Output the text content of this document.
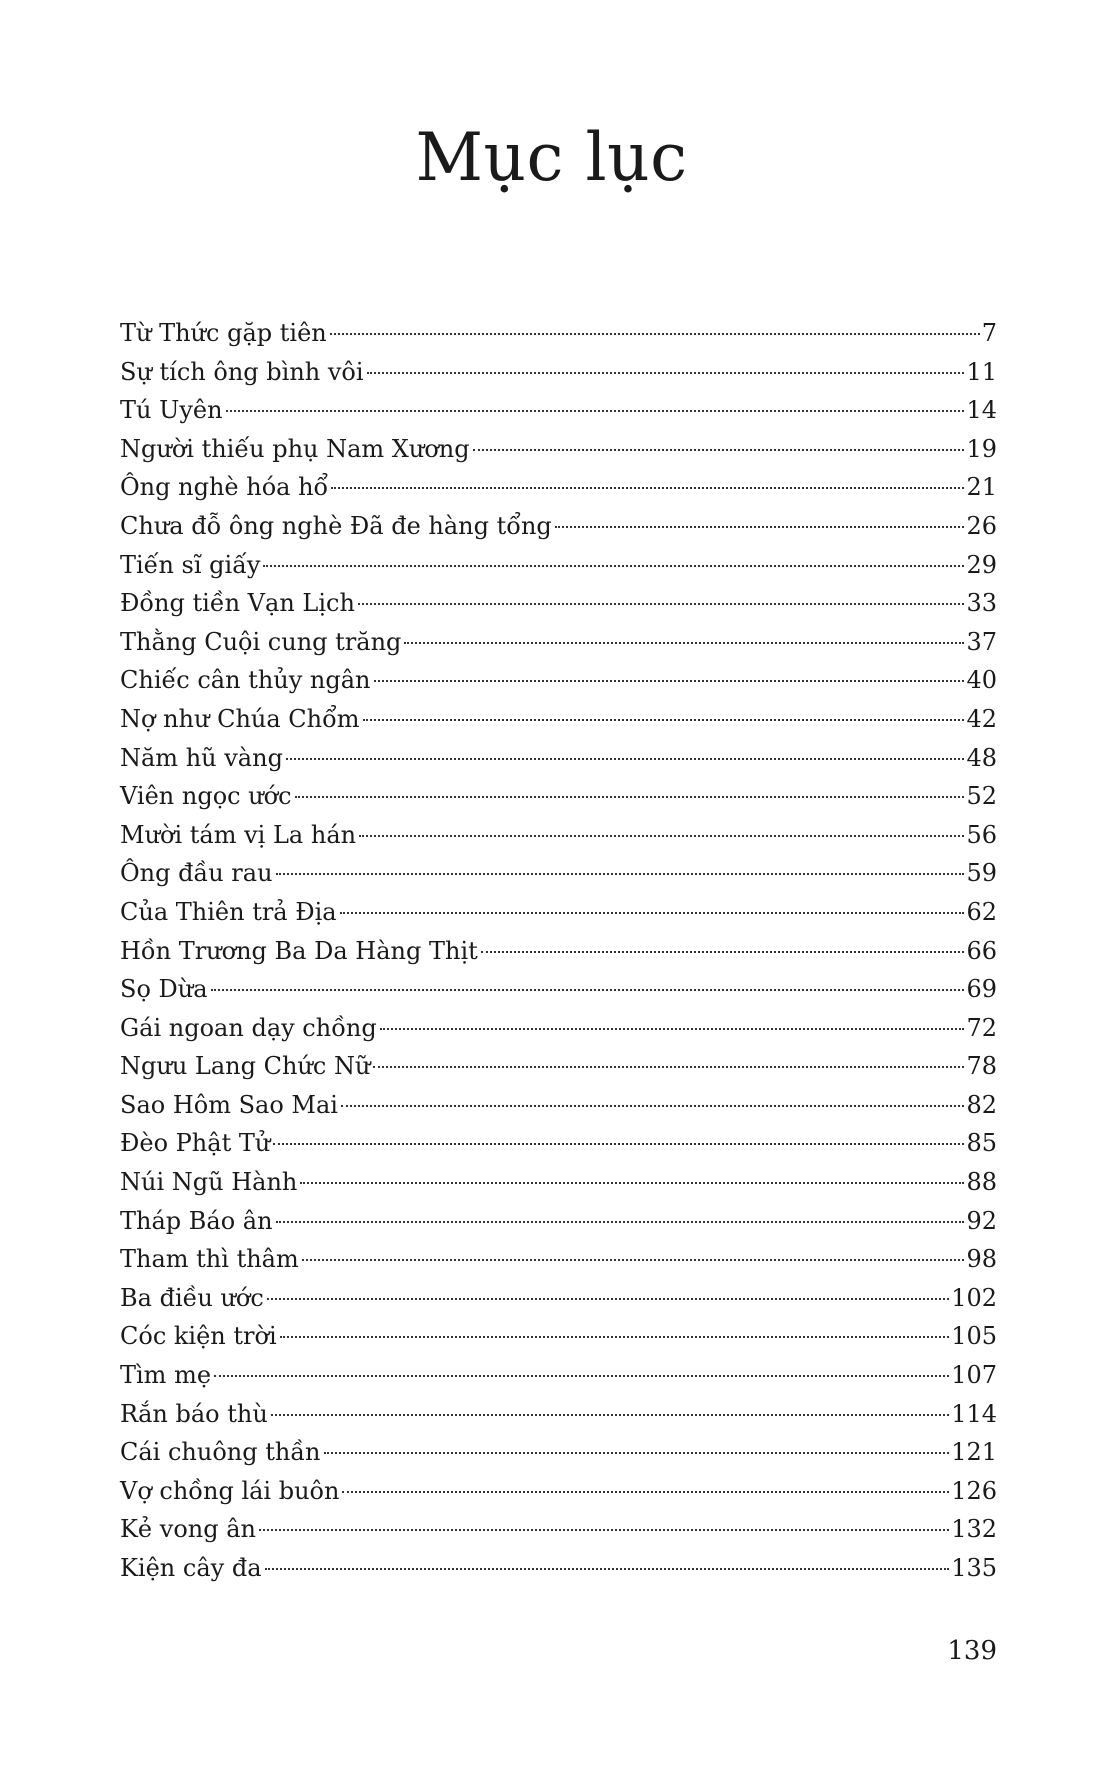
Mục lục
Từ Thức gặp tiên	7
Sự tích ông bình vôi	11
Tú Uyên	14
Người thiếu phụ Nam Xương	19
Ông nghè hóa hổ	21
Chưa đỗ ông nghè Đã đe hàng tổng	26
Tiến sĩ giấy	29
Đồng tiền Vạn Lịch	33
Thằng Cuội cung trăng	37
Chiếc cân thủy ngân	40
Nợ như Chúa Chổm	42
Năm hũ vàng	48
Viên ngọc ước	52
Mười tám vị La hán	56
Ông đầu rau	59
Của Thiên trả Địa	62
Hồn Trương Ba Da Hàng Thịt	66
Sọ Dừa	69
Gái ngoan dạy chồng	72
Ngưu Lang Chức Nữ	78
Sao Hôm Sao Mai	82
Đèo Phật Tử	85
Núi Ngũ Hành	88
Tháp Báo ân	92
Tham thì thâm	98
Ba điều ước	102
Cóc kiện trời	105
Tìm mẹ	107
Rắn báo thù	114
Cái chuông thần	121
Vợ chồng lái buôn	126
Kẻ vong ân	132
Kiện cây đa	135
139
